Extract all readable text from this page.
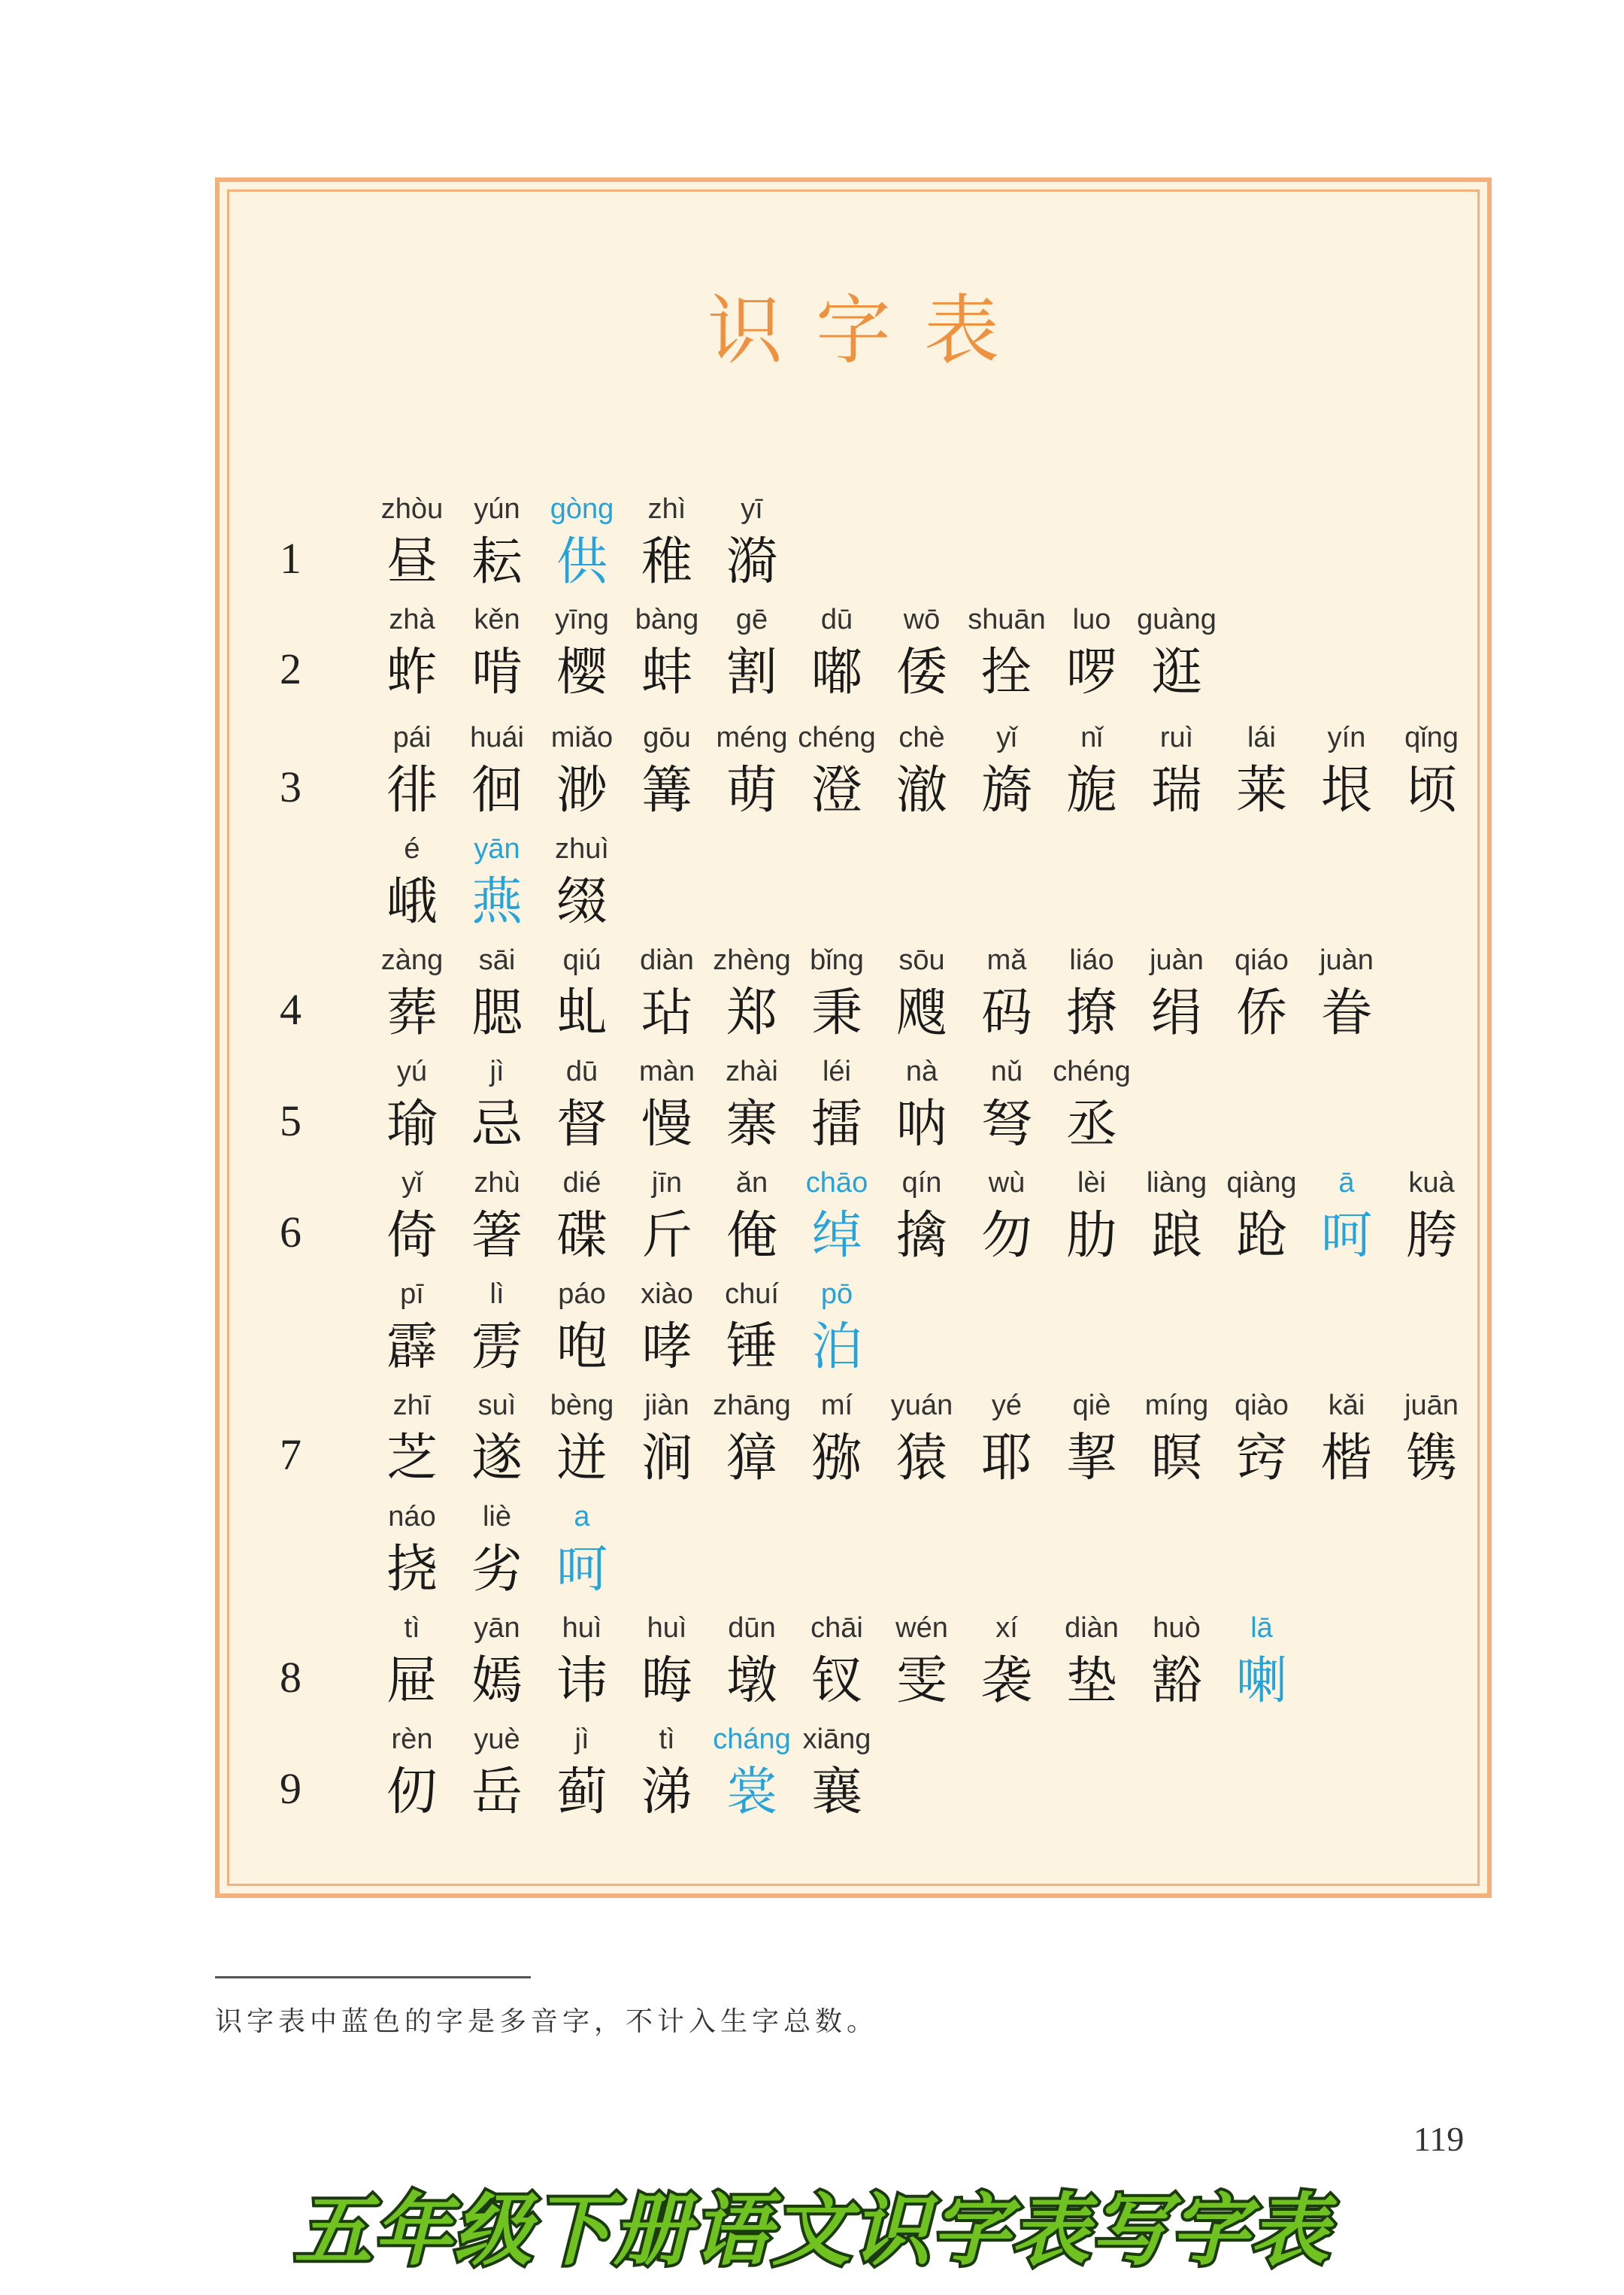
识字表
1
zhòu
昼
yún
耘
gòng
供
zhì
稚
yī
漪
2
zhà
蚱
kěn
啃
yīng
樱
bàng
蚌
gē
割
dū
嘟
wō
倭
shuān
拴
luo
啰
guàng
逛
3
pái
徘
huái
徊
miǎo
渺
gōu
篝
méng
萌
chéng
澄
chè
澈
yǐ
旖
nǐ
旎
ruì
瑞
lái
莱
yín
垠
qǐng
顷
é
峨
yān
燕
zhuì
缀
4
zàng
葬
sāi
腮
qiú
虬
diàn
玷
zhèng
郑
bǐng
秉
sōu
飕
mǎ
码
liáo
撩
juàn
绢
qiáo
侨
juàn
眷
5
yú
瑜
jì
忌
dū
督
màn
慢
zhài
寨
léi
擂
nà
呐
nǔ
弩
chéng
丞
6
yǐ
倚
zhù
箸
dié
碟
jīn
斤
ǎn
俺
chāo
绰
qín
擒
wù
勿
lèi
肋
liàng
踉
qiàng
跄
ā
呵
kuà
胯
pī
霹
lì
雳
páo
咆
xiào
哮
chuí
锤
pō
泊
7
zhī
芝
suì
遂
bèng
迸
jiàn
涧
zhāng
獐
mí
猕
yuán
猿
yé
耶
qiè
挈
míng
瞑
qiào
窍
kǎi
楷
juān
镌
náo
挠
liè
劣
a
呵
8
tì
屉
yān
嫣
huì
讳
huì
晦
dūn
墩
chāi
钗
wén
雯
xí
袭
diàn
垫
huò
豁
lā
喇
9
rèn
仞
yuè
岳
jì
蓟
tì
涕
cháng
裳
xiāng
襄
识字表中蓝色的字是多音字，不计入生字总数。
119
五年级下册语文识字表写字表
